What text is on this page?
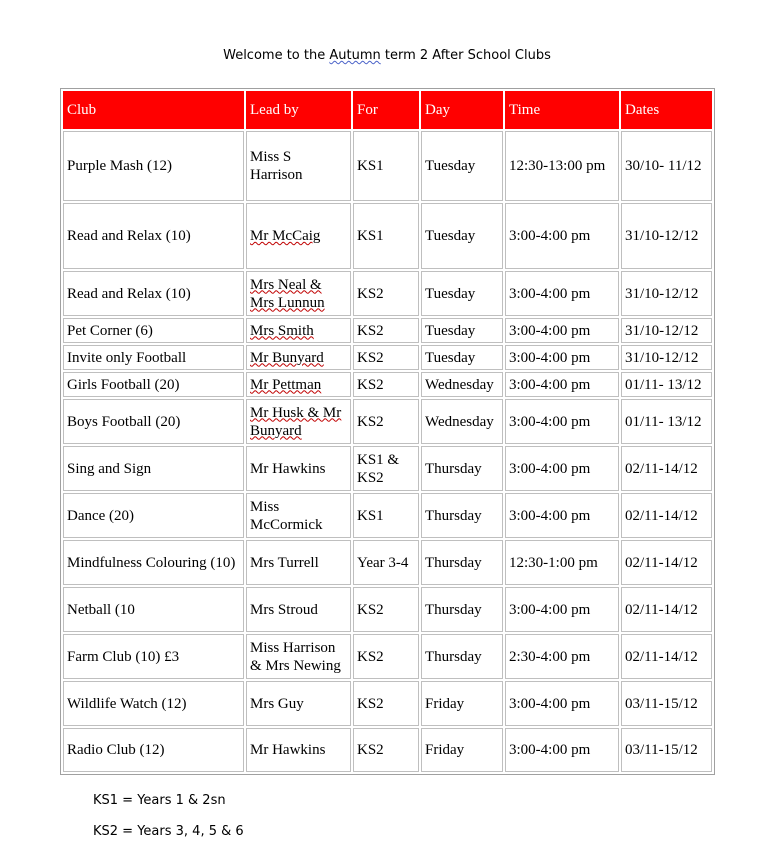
Welcome to the Autumn term 2 After School Clubs
Club	Lead by	For	Day	Time	Dates
Purple Mash (12)	Miss S Harrison	KS1	Tuesday	12:30-13:00 pm	30/10- 11/12
Read and Relax (10)	Mr McCaig	KS1	Tuesday	3:00-4:00 pm	31/10-12/12
Read and Relax (10)	Mrs Neal & Mrs Lunnun	KS2	Tuesday	3:00-4:00 pm	31/10-12/12
Pet Corner (6)	Mrs Smith	KS2	Tuesday	3:00-4:00 pm	31/10-12/12
Invite only Football	Mr Bunyard	KS2	Tuesday	3:00-4:00 pm	31/10-12/12
Girls Football (20)	Mr Pettman	KS2	Wednesday	3:00-4:00 pm	01/11- 13/12
Boys Football (20)	Mr Husk & Mr Bunyard	KS2	Wednesday	3:00-4:00 pm	01/11- 13/12
Sing and Sign	Mr Hawkins	KS1 & KS2	Thursday	3:00-4:00 pm	02/11-14/12
Dance (20)	Miss McCormick	KS1	Thursday	3:00-4:00 pm	02/11-14/12
Mindfulness Colouring (10)	Mrs Turrell	Year 3-4	Thursday	12:30-1:00 pm	02/11-14/12
Netball (10	Mrs Stroud	KS2	Thursday	3:00-4:00 pm	02/11-14/12
Farm Club (10) £3	Miss Harrison & Mrs Newing	KS2	Thursday	2:30-4:00 pm	02/11-14/12
Wildlife Watch (12)	Mrs Guy	KS2	Friday	3:00-4:00 pm	03/11-15/12
Radio Club (12)	Mr Hawkins	KS2	Friday	3:00-4:00 pm	03/11-15/12
KS1 = Years 1 & 2sn
KS2 = Years 3, 4, 5 & 6
